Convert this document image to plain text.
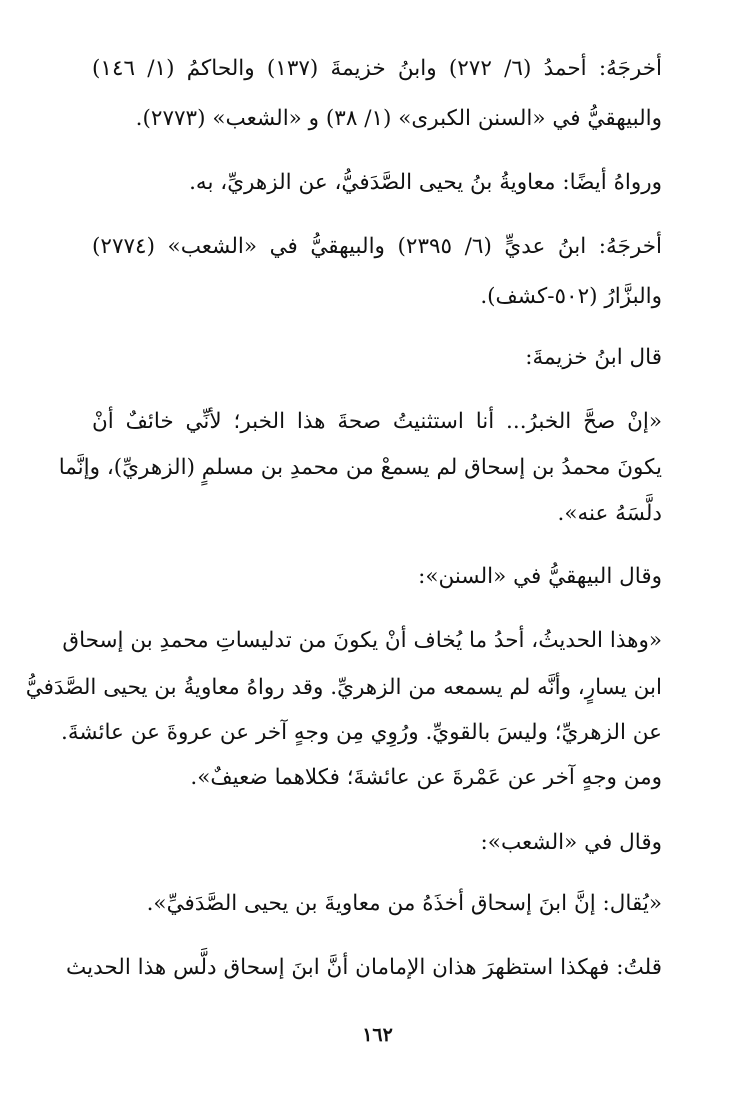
أخرجَهُ: أحمدُ (٦/ ٢٧٢) وابنُ خزيمةَ (١٣٧) والحاكمُ (١/ ١٤٦)
والبيهقيُّ في «السنن الكبرى» (١/ ٣٨) و «الشعب» (٢٧٧٣).
ورواهُ أيضًا: معاويةُ بنُ يحيى الصَّدَفيُّ، عن الزهريِّ، به.
أخرجَهُ: ابنُ عديٍّ (٦/ ٢٣٩٥) والبيهقيُّ في «الشعب» (٢٧٧٤)
والبزَّارُ (٥٠٢-كشف).
قال ابنُ خزيمةَ:
«إنْ صحَّ الخبرُ... أنا استثنيتُ صحةَ هذا الخبر؛ لأنِّي خائفٌ أنْ
يكونَ محمدُ بن إسحاق لم يسمعْ من محمدِ بن مسلمٍ (الزهريِّ)، وإنَّما
دلَّسَهُ عنه».
وقال البيهقيُّ في «السنن»:
«وهذا الحديثُ، أحدُ ما يُخاف أنْ يكونَ من تدليساتِ محمدِ بن إسحاق
ابن يسارٍ، وأنَّه لم يسمعه من الزهريِّ. وقد رواهُ معاويةُ بن يحيى الصَّدَفيُّ
عن الزهريِّ؛ وليسَ بالقويِّ. ورُوِي مِن وجهٍ آخر عن عروةَ عن عائشةَ.
ومن وجهٍ آخر عن عَمْرةَ عن عائشةَ؛ فكلاهما ضعيفٌ».
وقال في «الشعب»:
«يُقال: إنَّ ابنَ إسحاق أخذَهُ من معاويةَ بن يحيى الصَّدَفيِّ».
قلتُ: فهكذا استظهرَ هذان الإمامان أنَّ ابنَ إسحاق دلَّس هذا الحديث
١٦٢
